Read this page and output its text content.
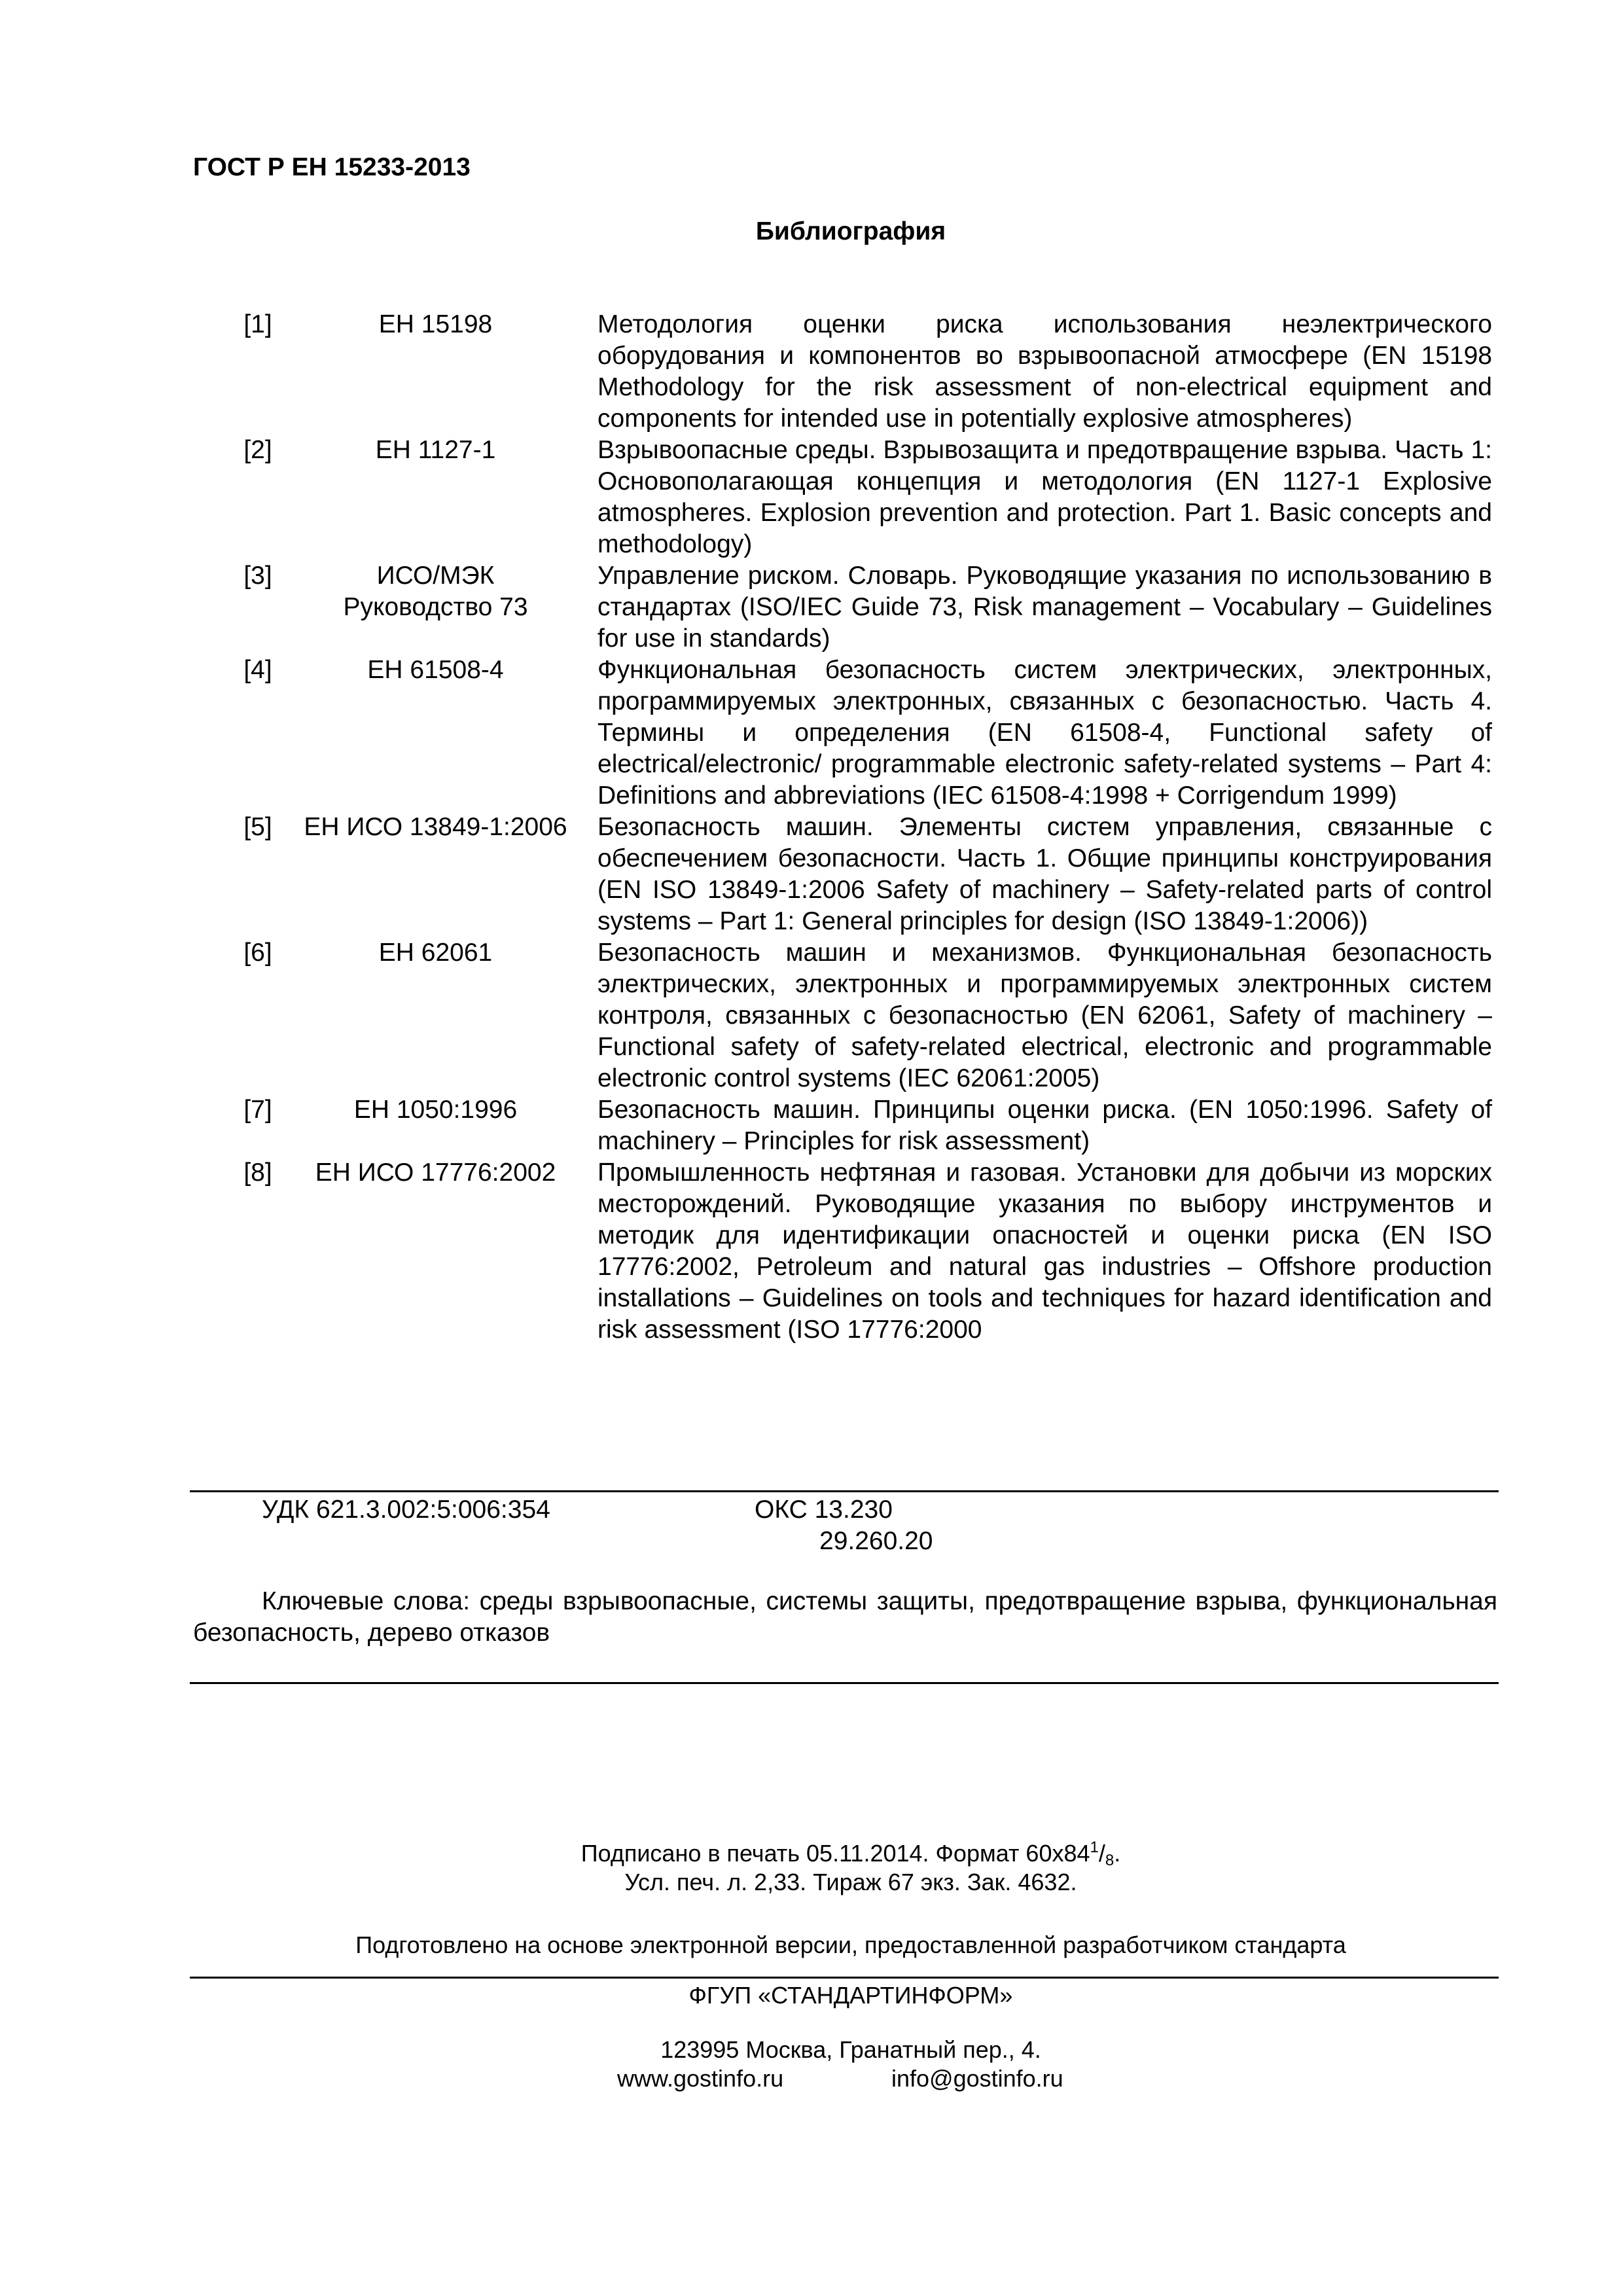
ГОСТ Р ЕН 15233-2013
Библиография
[1]	ЕН 15198	Методология оценки риска использования неэлектрического оборудования и компонентов во взрывоопасной атмосфере (EN 15198 Methodology for the risk assessment of non-electrical equipment and components for intended use in potentially explosive atmospheres)
[2]	ЕН 1127-1	Взрывоопасные среды. Взрывозащита и предотвращение взрыва. Часть 1: Основополагающая концепция и методология (EN 1127-1 Explosive atmospheres. Explosion prevention and protection. Part 1. Basic concepts and methodology)
[3]	ИСО/МЭК Руководство 73	Управление риском. Словарь. Руководящие указания по использованию в стандартах (ISO/IEC Guide 73, Risk management – Vocabulary – Guidelines for use in standards)
[4]	ЕН 61508-4	Функциональная безопасность систем электрических, электронных, программируемых электронных, связанных с безопасностью. Часть 4. Термины и определения (EN 61508-4, Functional safety of electrical/electronic/ programmable electronic safety-related systems – Part 4: Definitions and abbreviations (IEC 61508-4:1998 + Corrigendum 1999)
[5]	ЕН ИСО 13849-1:2006	Безопасность машин. Элементы систем управления, связанные с обеспечением безопасности. Часть 1. Общие принципы конструирования (EN ISO 13849-1:2006 Safety of machinery – Safety-related parts of control systems – Part 1: General principles for design (ISO 13849-1:2006))
[6]	ЕН 62061	Безопасность машин и механизмов. Функциональная безопасность электрических, электронных и программируемых электронных систем контроля, связанных с безопасностью (EN 62061, Safety of machinery – Functional safety of safety-related electrical, electronic and programmable electronic control systems (IEC 62061:2005)
[7]	ЕН 1050:1996	Безопасность машин. Принципы оценки риска. (EN 1050:1996. Safety of machinery – Principles for risk assessment)
[8]	ЕН ИСО 17776:2002	Промышленность нефтяная и газовая. Установки для добычи из морских месторождений. Руководящие указания по выбору инструментов и методик для идентификации опасностей и оценки риска (EN ISO 17776:2002, Petroleum and natural gas industries – Offshore production installations – Guidelines on tools and techniques for hazard identification and risk assessment (ISO 17776:2000
УДК 621.3.002:5:006:354	ОКС 13.230
29.260.20

Ключевые слова: среды взрывоопасные, системы защиты, предотвращение взрыва, функциональная безопасность, дерево отказов

Подписано в печать 05.11.2014. Формат $60x84^1/_8$.
Усл. печ. л. 2,33. Тираж 67 экз. Зак. 4632.
Подготовлено на основе электронной версии, предоставленной разработчиком стандарта
ФГУП «СТАНДАРТИНФОРМ»
123995 Москва, Гранатный пер., 4.
www.gostinfo.ru	info@gostinfo.ru
